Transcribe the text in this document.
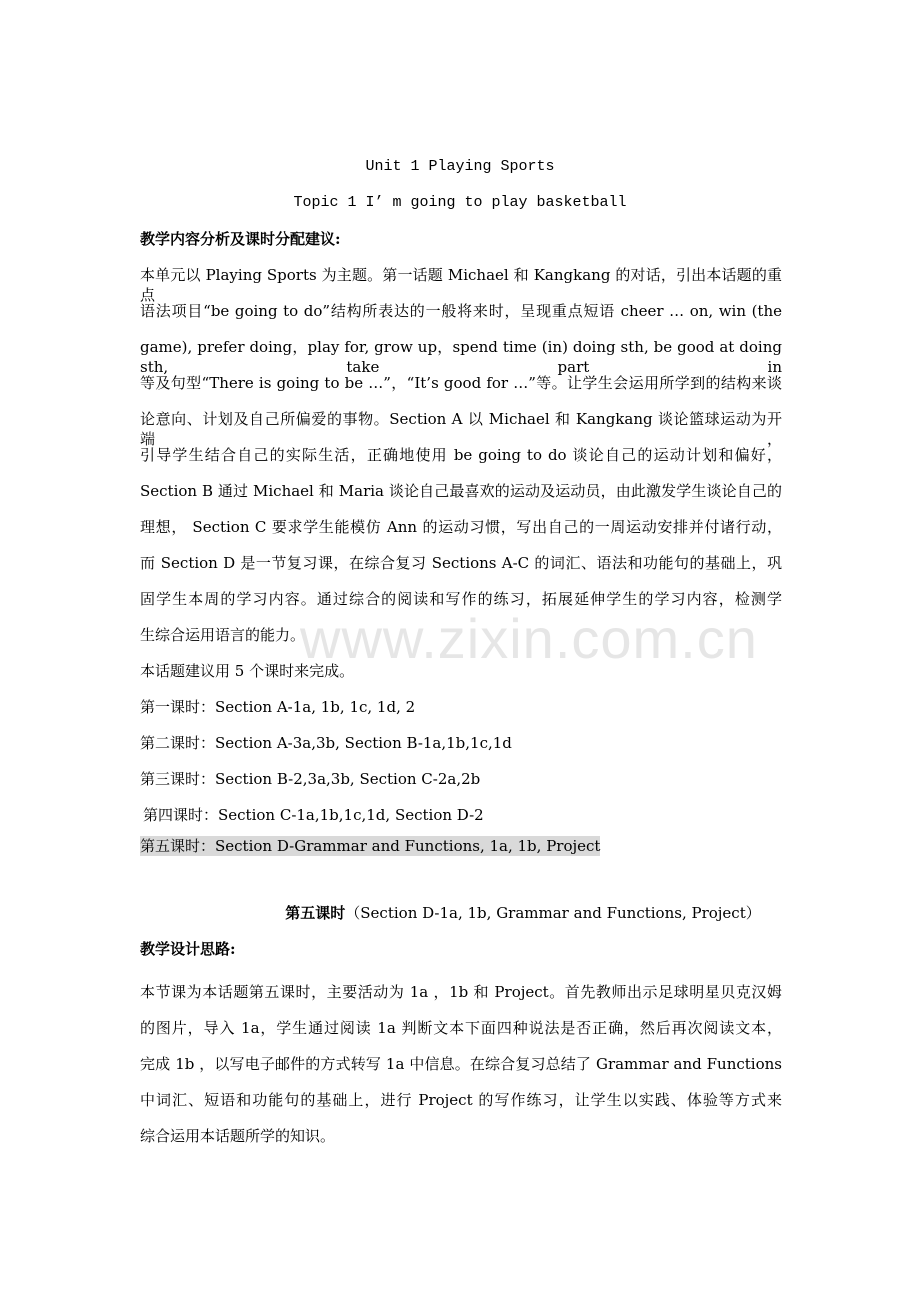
www.zixin.com.cn
Unit 1 Playing Sports
Topic 1 I’ m going to play basketball
教学内容分析及课时分配建议:
本单元以 Playing Sports 为主题。第一话题 Michael 和 Kangkang 的对话，引出本话题的重点
语法项目“be going to do”结构所表达的一般将来时，呈现重点短语 cheer … on, win (the
game), prefer doing，play for, grow up，spend time (in) doing sth, be good at doing sth, take part in
等及句型“There is going to be …”，“It’s good for …”等。让学生会运用所学到的结构来谈
论意向、计划及自己所偏爱的事物。Section A 以 Michael 和 Kangkang 谈论篮球运动为开端，
引导学生结合自己的实际生活，正确地使用 be going to do 谈论自己的运动计划和偏好，
Section B 通过 Michael 和 Maria 谈论自己最喜欢的运动及运动员，由此激发学生谈论自己的
理想， Section C 要求学生能模仿 Ann 的运动习惯，写出自己的一周运动安排并付诸行动，
而 Section D 是一节复习课，在综合复习 Sections A-C 的词汇、语法和功能句的基础上，巩
固学生本周的学习内容。通过综合的阅读和写作的练习，拓展延伸学生的学习内容，检测学
生综合运用语言的能力。
本话题建议用 5 个课时来完成。
第一课时：Section A-1a, 1b, 1c, 1d, 2
第二课时：Section A-3a,3b, Section B-1a,1b,1c,1d
第三课时：Section B-2,3a,3b, Section C-2a,2b
第四课时：Section C-1a,1b,1c,1d, Section D-2
第五课时：Section D-Grammar and Functions, 1a, 1b, Project
第五课时（Section D-1a, 1b, Grammar and Functions, Project）
教学设计思路:
本节课为本话题第五课时，主要活动为 1a ，1b 和 Project。首先教师出示足球明星贝克汉姆
的图片，导入 1a，学生通过阅读 1a 判断文本下面四种说法是否正确，然后再次阅读文本，
完成 1b ，以写电子邮件的方式转写 1a 中信息。在综合复习总结了 Grammar and Functions
中词汇、短语和功能句的基础上，进行 Project 的写作练习，让学生以实践、体验等方式来
综合运用本话题所学的知识。
